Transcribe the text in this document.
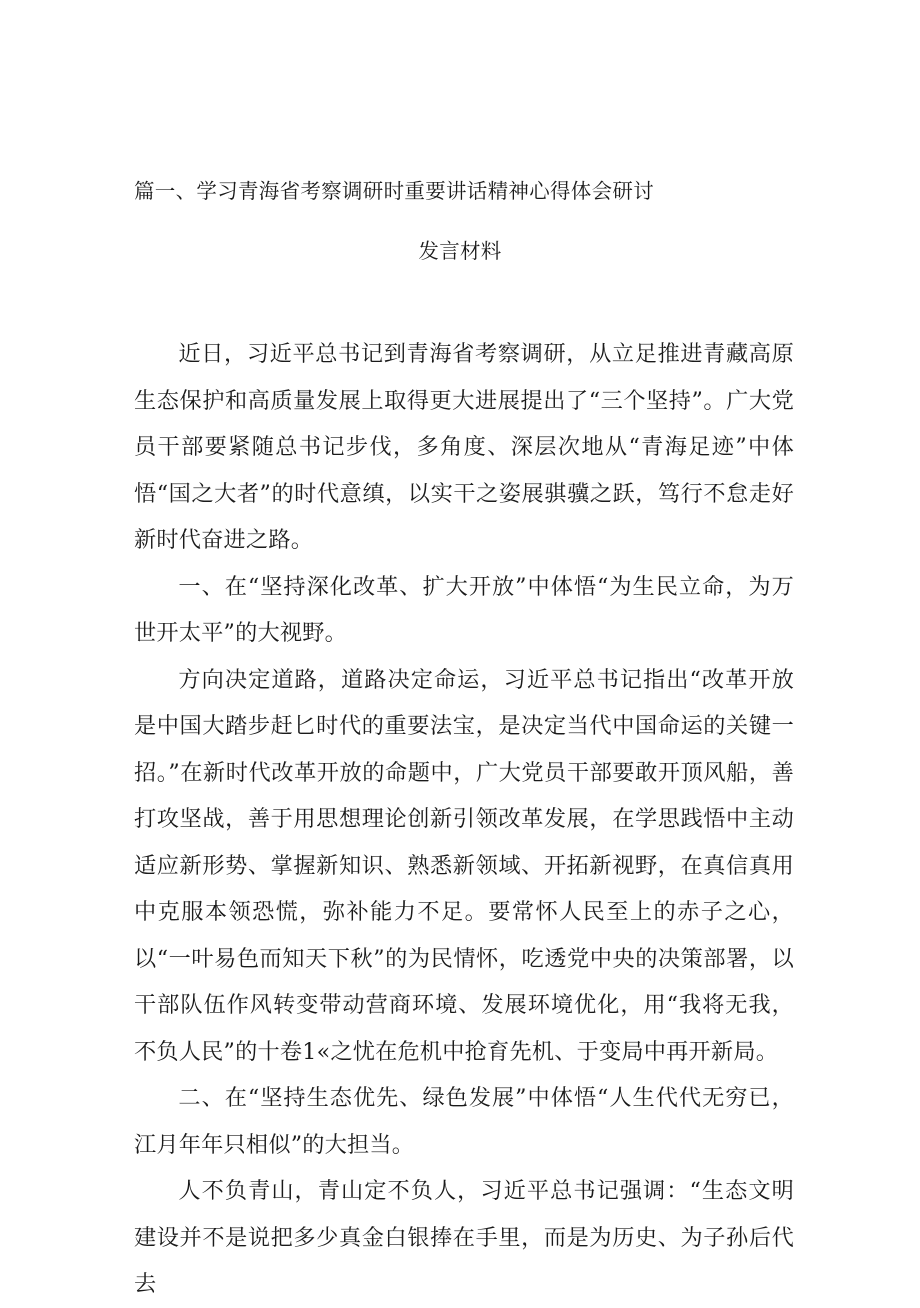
篇一、学习青海省考察调研时重要讲话精神心得体会研讨
发言材料

近日，习近平总书记到青海省考察调研，从立足推进青藏高原生态保护和高质量发展上取得更大进展提出了“三个坚持”。广大党员干部要紧随总书记步伐，多角度、深层次地从“青海足迹”中体悟“国之大者”的时代意缜，以实干之姿展骐骥之跃，笃行不怠走好新时代奋进之路。

一、在“坚持深化改革、扩大开放”中体悟“为生民立命，为万世开太平”的大视野。

方向决定道路，道路决定命运，习近平总书记指出“改革开放是中国大踏步赶匕时代的重要法宝，是决定当代中国命运的关键一招。”在新时代改革开放的命题中，广大党员干部要敢开顶风船，善打攻坚战，善于用思想理论创新引领改革发展，在学思践悟中主动适应新形势、掌握新知识、熟悉新领域、开拓新视野，在真信真用中克服本领恐慌，弥补能力不足。要常怀人民至上的赤子之心，以“一叶易色而知天下秋”的为民情怀，吃透党中央的决策部署，以干部队伍作风转变带动营商环境、发展环境优化，用“我将无我，不负人民”的十卷1«之忧在危机中抢育先机、于变局中再开新局。

二、在“坚持生态优先、绿色发展”中体悟“人生代代无穷已，江月年年只相似”的大担当。

人不负青山，青山定不负人，习近平总书记强调：“生态文明建设并不是说把多少真金白银捧在手里，而是为历史、为子孙后代去
